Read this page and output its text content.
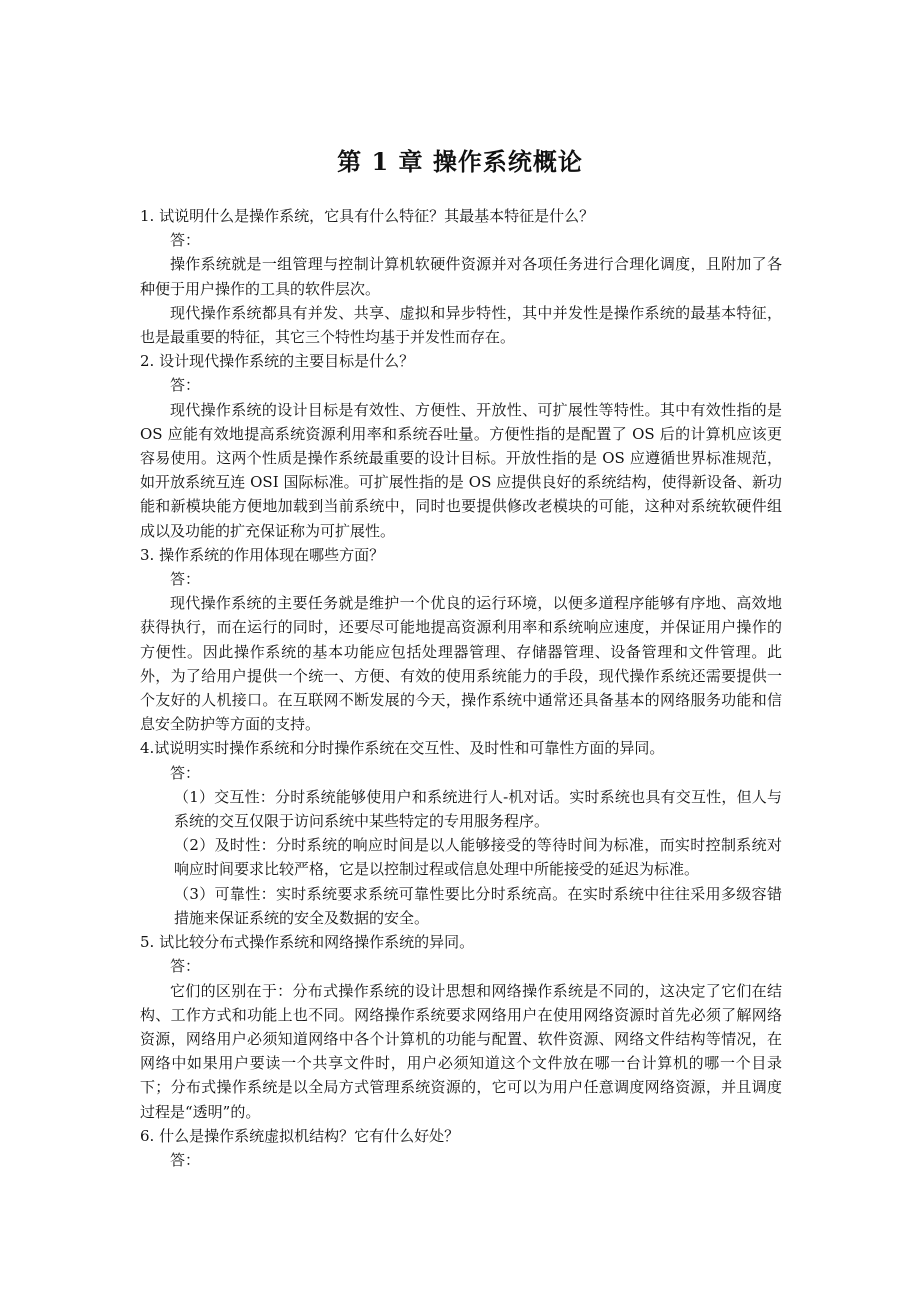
第 1 章 操作系统概论

1. 试说明什么是操作系统，它具有什么特征？其最基本特征是什么？

答：

操作系统就是一组管理与控制计算机软硬件资源并对各项任务进行合理化调度，且附加了各种便于用户操作的工具的软件层次。

现代操作系统都具有并发、共享、虚拟和异步特性，其中并发性是操作系统的最基本特征，也是最重要的特征，其它三个特性均基于并发性而存在。

2. 设计现代操作系统的主要目标是什么？

答：

现代操作系统的设计目标是有效性、方便性、开放性、可扩展性等特性。其中有效性指的是 OS 应能有效地提高系统资源利用率和系统吞吐量。方便性指的是配置了 OS 后的计算机应该更容易使用。这两个性质是操作系统最重要的设计目标。开放性指的是 OS 应遵循世界标准规范，如开放系统互连 OSI 国际标准。可扩展性指的是 OS 应提供良好的系统结构，使得新设备、新功能和新模块能方便地加载到当前系统中，同时也要提供修改老模块的可能，这种对系统软硬件组成以及功能的扩充保证称为可扩展性。

3. 操作系统的作用体现在哪些方面？

答：

现代操作系统的主要任务就是维护一个优良的运行环境，以便多道程序能够有序地、高效地获得执行，而在运行的同时，还要尽可能地提高资源利用率和系统响应速度，并保证用户操作的方便性。因此操作系统的基本功能应包括处理器管理、存储器管理、设备管理和文件管理。此外，为了给用户提供一个统一、方便、有效的使用系统能力的手段，现代操作系统还需要提供一个友好的人机接口。在互联网不断发展的今天，操作系统中通常还具备基本的网络服务功能和信息安全防护等方面的支持。

4.试说明实时操作系统和分时操作系统在交互性、及时性和可靠性方面的异同。

答：

（1）交互性：分时系统能够使用户和系统进行人-机对话。实时系统也具有交互性，但人与系统的交互仅限于访问系统中某些特定的专用服务程序。

（2）及时性：分时系统的响应时间是以人能够接受的等待时间为标准，而实时控制系统对响应时间要求比较严格，它是以控制过程或信息处理中所能接受的延迟为标准。

（3）可靠性：实时系统要求系统可靠性要比分时系统高。在实时系统中往往采用多级容错措施来保证系统的安全及数据的安全。

5. 试比较分布式操作系统和网络操作系统的异同。

答：

它们的区别在于：分布式操作系统的设计思想和网络操作系统是不同的，这决定了它们在结构、工作方式和功能上也不同。网络操作系统要求网络用户在使用网络资源时首先必须了解网络资源，网络用户必须知道网络中各个计算机的功能与配置、软件资源、网络文件结构等情况，在网络中如果用户要读一个共享文件时，用户必须知道这个文件放在哪一台计算机的哪一个目录下；分布式操作系统是以全局方式管理系统资源的，它可以为用户任意调度网络资源，并且调度过程是“透明”的。

6. 什么是操作系统虚拟机结构？它有什么好处？

答：
